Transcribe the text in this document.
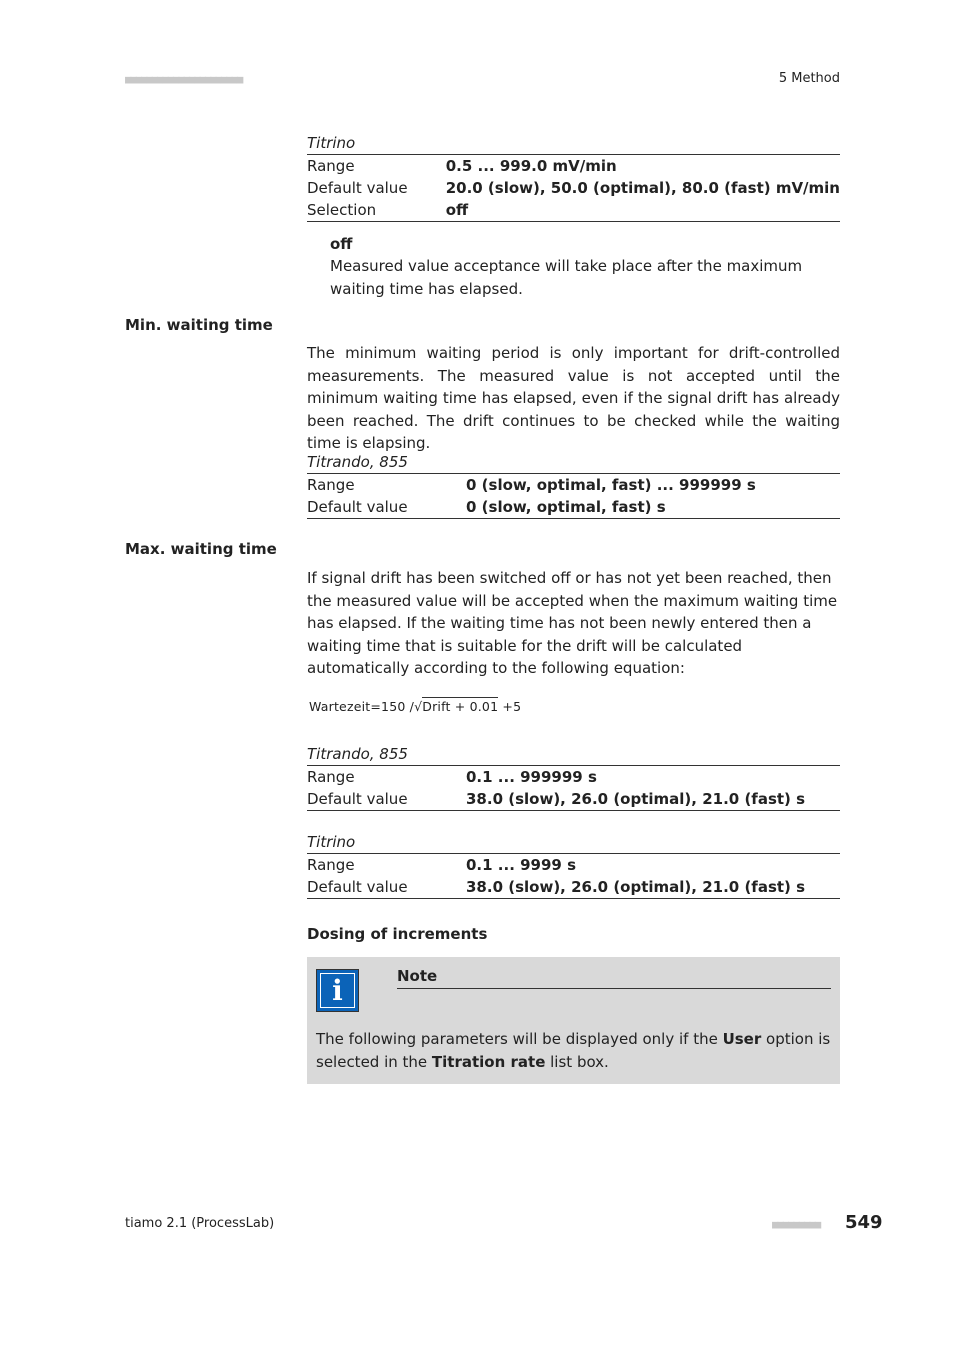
■■■■■■■■■■■■■■■■■■■■■■	5 Method
Titrino
Range	0.5 ... 999.0 mV/min
Default value	20.0 (slow), 50.0 (optimal), 80.0 (fast) mV/min
Selection	off
off
Measured value acceptance will take place after the maximum waiting time has elapsed.
Min. waiting time
The minimum waiting period is only important for drift-controlled measurements. The measured value is not accepted until the minimum waiting time has elapsed, even if the signal drift has already been reached. The drift continues to be checked while the waiting time is elapsing.
Titrando, 855
Range	0 (slow, optimal, fast) ... 999999 s
Default value	0 (slow, optimal, fast) s
Max. waiting time
If signal drift has been switched off or has not yet been reached, then the measured value will be accepted when the maximum waiting time has elapsed. If the waiting time has not been newly entered then a waiting time that is suitable for the drift will be calculated automatically according to the following equation:
Wartezeit=150 /√Drift + 0.01 +5
Titrando, 855
Range	0.1 ... 999999 s
Default value	38.0 (slow), 26.0 (optimal), 21.0 (fast) s
Titrino
Range	0.1 ... 9999 s
Default value	38.0 (slow), 26.0 (optimal), 21.0 (fast) s
Dosing of increments
i	Note
The following parameters will be displayed only if the User option is selected in the Titration rate list box.
tiamo 2.1 (ProcessLab)	■■■■■■■■■ 549
